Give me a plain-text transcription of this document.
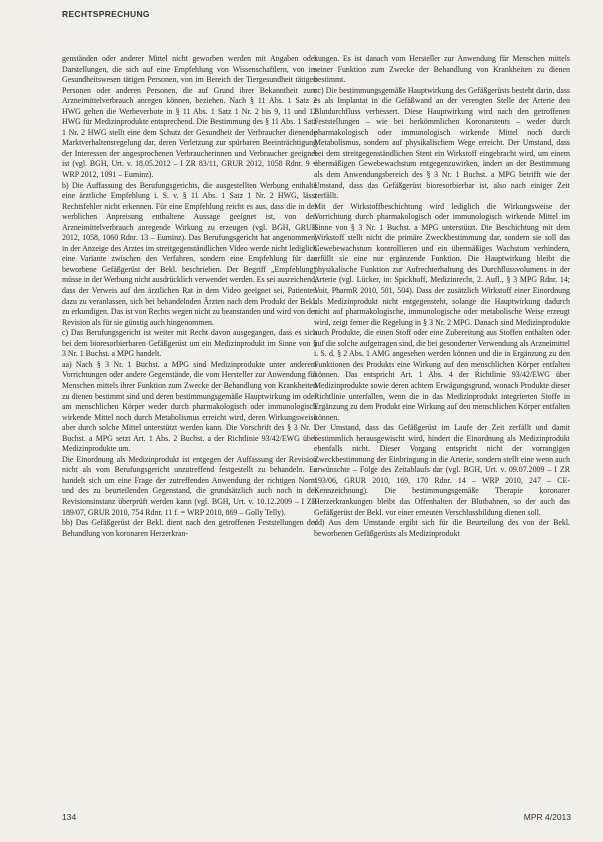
RECHTSPRECHUNG

genständen oder anderer Mittel nicht geworben werden mit Angaben oder Darstellungen, die sich auf eine Empfehlung von Wissenschaftlern, von im Gesundheitswesen tätigen Personen, von im Bereich der Tiergesundheit tätigen Personen oder anderen Personen, die auf Grund ihrer Bekanntheit zum Arzneimittelverbrauch anregen können, beziehen. Nach § 11 Abs. 1 Satz 2 HWG gelten die Werbeverbote in § 11 Abs. 1 Satz 1 Nr. 2 bis 9, 11 und 12 HWG für Medizinprodukte entsprechend. Die Bestimmung des § 11 Abs. 1 Satz 1 Nr. 2 HWG stellt eine dem Schutz der Gesundheit der Verbraucher dienende Marktverhaltensregelung dar, deren Verletzung zur spürbaren Beeinträchtigung der Interessen der angesprochenen Verbraucherinnen und Verbraucher geeignet ist (vgl. BGH, Urt. v. 18.05.2012 – I ZR 83/11, GRUR 2012, 1058 Rdnr. 9 = WRP 2012, 1091 – Euminz).

b) Die Auffassung des Berufungsgerichts, die ausgestellten Werbung enthalte eine ärztliche Empfehlung i. S. v. § 11 Abs. 1 Satz 1 Nr. 2 HWG, lässt Rechtsfehler nicht erkennen. Für eine Empfehlung reicht es aus, dass die in der werblichen Anpreisung enthaltene Aussage geeignet ist, von den Arzneimittelverbrauch anregende Wirkung zu erzeugen (vgl. BGH, GRUR 2012, 1058, 1060 Rdnr. 13 – Euminz). Das Berufungsgericht hat angenommen, in der Anzeige des Arztes im streitgegenständlichen Video werde nicht lediglich eine Variante zwischen den Verfahren, sondern eine Empfehlung für das beworbene Gefäßgerüst der Bekl. beschrieben. Der Begriff „Empfehlung“ müsse in der Werbung nicht ausdrücklich verwendet werden. Es sei ausreichend, dass der Verweis auf den ärztlichen Rat in dem Video geeignet sei, Patienten dazu zu veranlassen, sich bei behandelnden Ärzten nach dem Produkt der Bekl. zu erkundigen. Das ist von Rechts wegen nicht zu beanstanden und wird von der Revision als für sie günstig auch hingenommen.

c) Das Berufungsgericht ist weiter mit Recht davon ausgegangen, dass es sich bei dem bioresorbierbaren Gefäßgerüst um ein Medizinprodukt im Sinne von § 3 Nr. 1 Buchst. a MPG handelt.

aa) Nach § 3 Nr. 1 Buchst. a MPG sind Medizinprodukte unter anderem Vorrichtungen oder andere Gegenstände, die vom Hersteller zur Anwendung für Menschen mittels ihrer Funktion zum Zwecke der Behandlung von Krankheiten zu dienen bestimmt sind und deren bestimmungsgemäße Hauptwirkung im oder am menschlichen Körper weder durch pharmakologisch oder immunologisch wirkende Mittel noch durch Metabolismus erreicht wird, deren Wirkungsweise aber durch solche Mittel unterstützt werden kann. Die Vorschrift des § 3 Nr. 1 Buchst. a MPG setzt Art. 1 Abs. 2 Buchst. a der Richtlinie 93/42/EWG über Medizinprodukte um.

Die Einordnung als Medizinprodukt ist entgegen der Auffassung der Revision nicht als vom Berufungsgericht unzutreffend festgestellt zu behandeln. Es handelt sich um eine Frage der zutreffenden Anwendung der richtigen Norm und des zu beurteilenden Gegenstand, die grundsätzlich auch noch in der Revisionsinstanz überprüft werden kann (vgl. BGH, Urt. v. 10.12.2009 – I ZR 189/07, GRUR 2010, 754 Rdnr. 11 f. = WRP 2010, 869 – Golly Telly).

bb) Das Gefäßgerüst der Bekl. dient nach den getroffenen Feststellungen der Behandlung von koronaren Herzerkran-

kungen. Es ist danach vom Hersteller zur Anwendung für Menschen mittels seiner Funktion zum Zwecke der Behandlung von Krankheiten zu dienen bestimmt.

cc) Die bestimmungsgemäße Hauptwirkung des Gefäßgerüsts besteht darin, dass es als Implantat in die Gefäßwand an der verengten Stelle der Arterie den Blutdurchfluss verbessert. Diese Hauptwirkung wird nach den getroffenen Feststellungen – wie bei herkömmlichen Koronarstents – weder durch pharmakologisch oder immunologisch wirkende Mittel noch durch Metabolismus, sondern auf physikalischem Wege erreicht. Der Umstand, dass bei dem streitgegenständlichen Stent ein Wirkstoff eingebracht wird, um einem übermäßigen Gewebewachstum entgegenzuwirken, ändert an der Bestimmung als dem Anwendungsbereich des § 3 Nr. 1 Buchst. a MPG betrifft wie der Umstand, dass das Gefäßgerüst bioresorbierbar ist, also nach einiger Zeit zerfällt.

Mit der Wirkstoffbeschichtung wird lediglich die Wirkungsweise der Vorrichtung durch pharmakologisch oder immunologisch wirkende Mittel im Sinne von § 3 Nr. 1 Buchst. a MPG unterstützt. Die Beschichtung mit dem Wirkstoff stellt nicht die primäre Zweckbestimmung dar, sondern sie soll das Gewebewachstum kontrollieren und ein übermäßiges Wachstum verhindern, erfüllt sie eine nur ergänzende Funktion. Die Hauptwirkung bleibt die physikalische Funktion zur Aufrechterhaltung des Durchflussvolumens in der Arterie (vgl. Lücker, in: Spickhoff, Medizinrecht, 2. Aufl., § 3 MPG Rdnr. 14; Voit, PharmR 2010, 501, 504). Dass der zusätzlich Wirkstoff einer Einordnung als Medizinprodukt nicht entgegensteht, solange die Hauptwirkung dadurch nicht auf pharmakologische, immunologische oder metabolische Weise erzeugt wird, zeigt ferner die Regelung in § 3 Nr. 2 MPG. Danach sind Medizinprodukte auch Produkte, die einen Stoff oder eine Zubereitung aus Stoffen enthalten oder auf die solche aufgetragen sind, die bei gesonderter Verwendung als Arzneimittel i. S. d. § 2 Abs. 1 AMG angesehen werden können und die in Ergänzung zu den Funktionen des Produkts eine Wirkung auf den menschlichen Körper entfalten können. Das entspricht Art. 1 Abs. 4 der Richtlinie 93/42/EWG über Medizinprodukte sowie deren achtem Erwägungsgrund, wonach Produkte dieser Richtlinie unterfallen, wenn die in das Medizinprodukt integrierten Stoffe in Ergänzung zu dem Produkt eine Wirkung auf den menschlichen Körper entfalten können.

Der Umstand, dass das Gefäßgerüst im Laufe der Zeit zerfällt und damit bestimmlich herausgewischt wird, hindert die Einordnung als Medizinprodukt ebenfalls nicht. Dieser Vorgang entspricht nicht der vorrangigen Zweckbestimmung der Einbringung in die Arterie, sondern stellt eine wenn auch erwünschte – Folge des Zeitablaufs dar (vgl. BGH, Urt. v. 09.07.2009 – I ZR 193/06, GRUR 2010, 169, 170 Rdnr. 14 – WRP 2010, 247 – CE-Kennzeichnung). Die bestimmungsgemäße Therapie koronarer Herzerkrankungen bleibt das Offenhalten der Blutbahnen, so der auch das Gefäßgerüst der Bekl. vor einer erneuten Verschlussbildung dienen soll.

dd) Aus dem Umstande ergibt sich für die Beurteilung des von der Bekl. beworbenen Gefäßgerüsts als Medizinprodukt

134	MPR 4/2013
